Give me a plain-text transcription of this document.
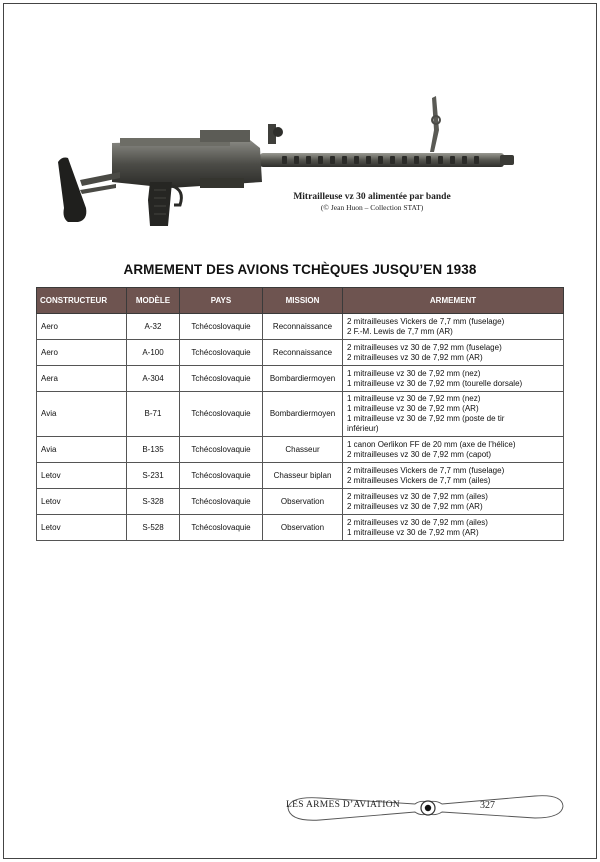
Mitrailleuse vz 30 alimentée par bande
(© Jean Huon – Collection STAT)
ARMEMENT DES AVIONS TCHÈQUES JUSQU’EN 1938
CONSTRUCTEUR	MODÈLE	PAYS	MISSION	ARMEMENT
Aero	A-32	Tchécoslovaquie	Reconnaissance	2 mitrailleuses Vickers de 7,7 mm (fuselage)
2 F.-M. Lewis de 7,7 mm (AR)

Aero	A-100	Tchécoslovaquie	Reconnaissance	2 mitrailleuses vz 30 de 7,92 mm (fuselage)
2 mitrailleuses vz 30 de 7,92 mm (AR)

Aera	A-304	Tchécoslovaquie	Bombardiermoyen	1 mitrailleuse vz 30 de 7,92 mm (nez)
1 mitrailleuse vz 30 de 7,92 mm (tourelle dorsale)

Avia	B-71	Tchécoslovaquie	Bombardiermoyen	1 mitrailleuse vz 30 de 7,92 mm (nez)
1 mitrailleuse vz 30 de 7,92 mm (AR)
1 mitrailleuse vz 30 de 7,92 mm (poste de tir
inférieur)

Avia	B-135	Tchécoslovaquie	Chasseur	1 canon Oerlikon FF de 20 mm (axe de l’hélice)
2 mitrailleuses vz 30 de 7,92 mm (capot)

Letov	S-231	Tchécoslovaquie	Chasseur biplan	2 mitrailleuses Vickers de 7,7 mm (fuselage)
2 mitrailleuses Vickers de 7,7 mm (ailes)

Letov	S-328	Tchécoslovaquie	Observation	2 mitrailleuses vz 30 de 7,92 mm (ailes)
2 mitrailleuses vz 30 de 7,92 mm (AR)

Letov	S-528	Tchécoslovaquie	Observation	2 mitrailleuses vz 30 de 7,92 mm (ailes)
1 mitrailleuse vz 30 de 7,92 mm (AR)
LES ARMES D’AVIATION	327
